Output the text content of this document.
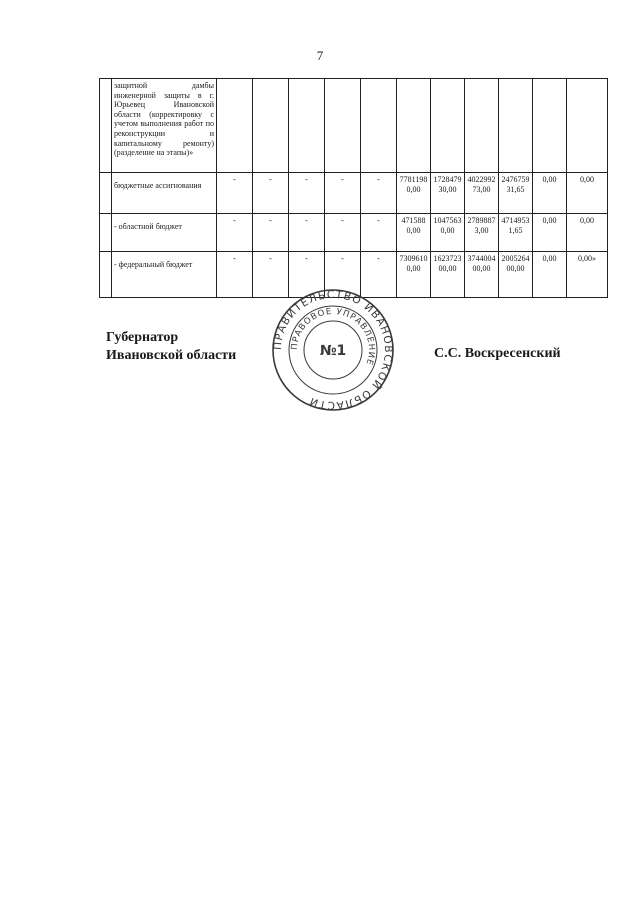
7
	защитной дамбы инженерной защиты в г. Юрьевец Ивановской области (корректировку с учетом выполнения работ по реконструкции и капитальному ремонту) (разделение на этапы)»											
	бюджетные ассигнования	-	-	-	-	-	77811980,00	172847930,00	402299273,00	247675931,65	0,00	0,00
	- областной бюджет	-	-	-	-	-	4715880,00	10475630,00	27898873,00	47149531,65	0,00	0,00
	- федеральный бюджет	-	-	-	-	-	7309610 0,00	162372300,00	374400400,00	200526400,00	0,00	0,00»
Губернатор
Ивановской области
ПРАВИТЕЛЬСТВО ИВАНОВСКОЙ ОБЛАСТИ
ПРАВОВОЕ УПРАВЛЕНИЕ
№1	С.С. Воскресенский
